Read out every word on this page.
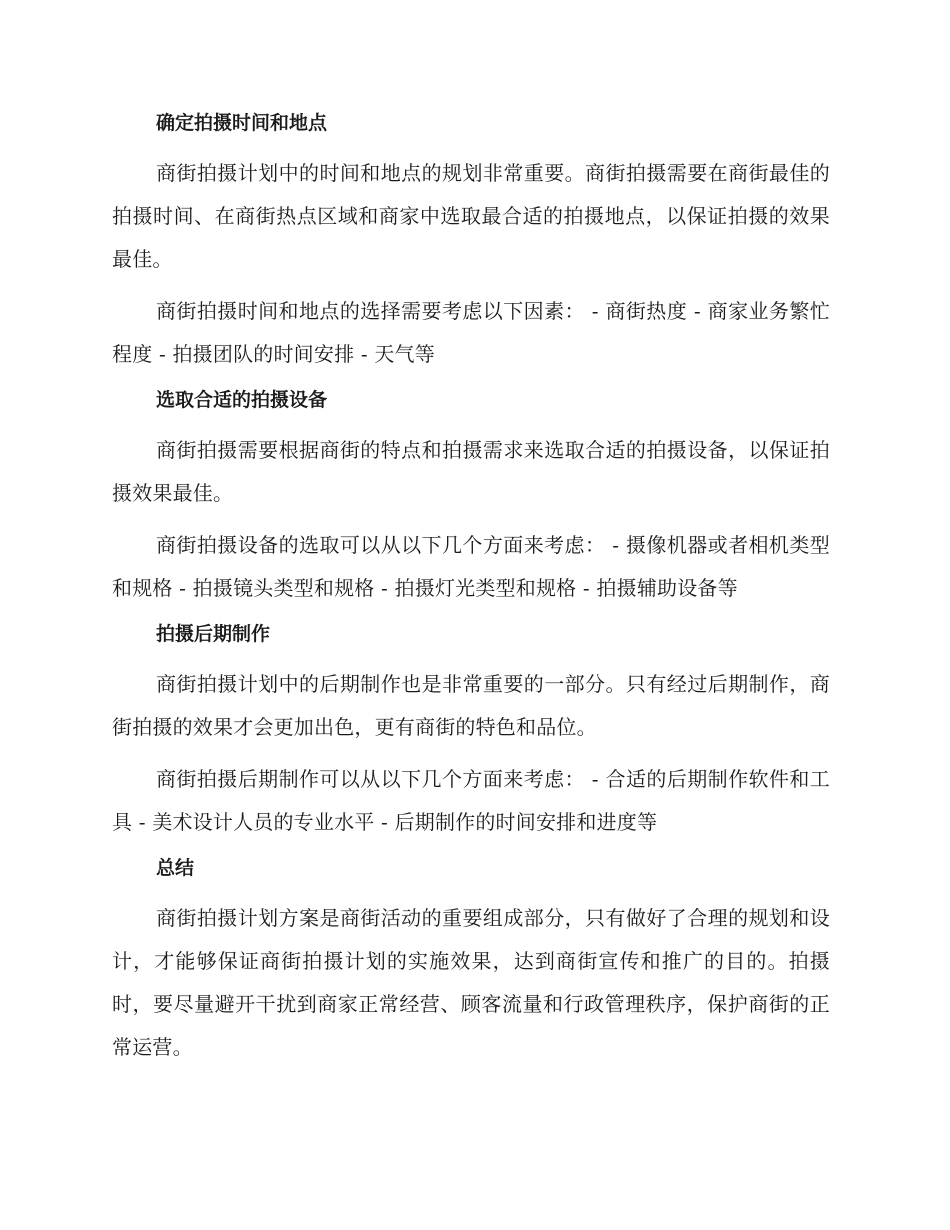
确定拍摄时间和地点

商街拍摄计划中的时间和地点的规划非常重要。商街拍摄需要在商街最佳的拍摄时间、在商街热点区域和商家中选取最合适的拍摄地点，以保证拍摄的效果最佳。

商街拍摄时间和地点的选择需要考虑以下因素： - 商街热度 - 商家业务繁忙程度 - 拍摄团队的时间安排 - 天气等

选取合适的拍摄设备

商街拍摄需要根据商街的特点和拍摄需求来选取合适的拍摄设备，以保证拍摄效果最佳。

商街拍摄设备的选取可以从以下几个方面来考虑： - 摄像机器或者相机类型和规格 - 拍摄镜头类型和规格 - 拍摄灯光类型和规格 - 拍摄辅助设备等

拍摄后期制作

商街拍摄计划中的后期制作也是非常重要的一部分。只有经过后期制作，商街拍摄的效果才会更加出色，更有商街的特色和品位。

商街拍摄后期制作可以从以下几个方面来考虑： - 合适的后期制作软件和工具 - 美术设计人员的专业水平 - 后期制作的时间安排和进度等

总结

商街拍摄计划方案是商街活动的重要组成部分，只有做好了合理的规划和设计，才能够保证商街拍摄计划的实施效果，达到商街宣传和推广的目的。拍摄时，要尽量避开干扰到商家正常经营、顾客流量和行政管理秩序，保护商街的正常运营。
